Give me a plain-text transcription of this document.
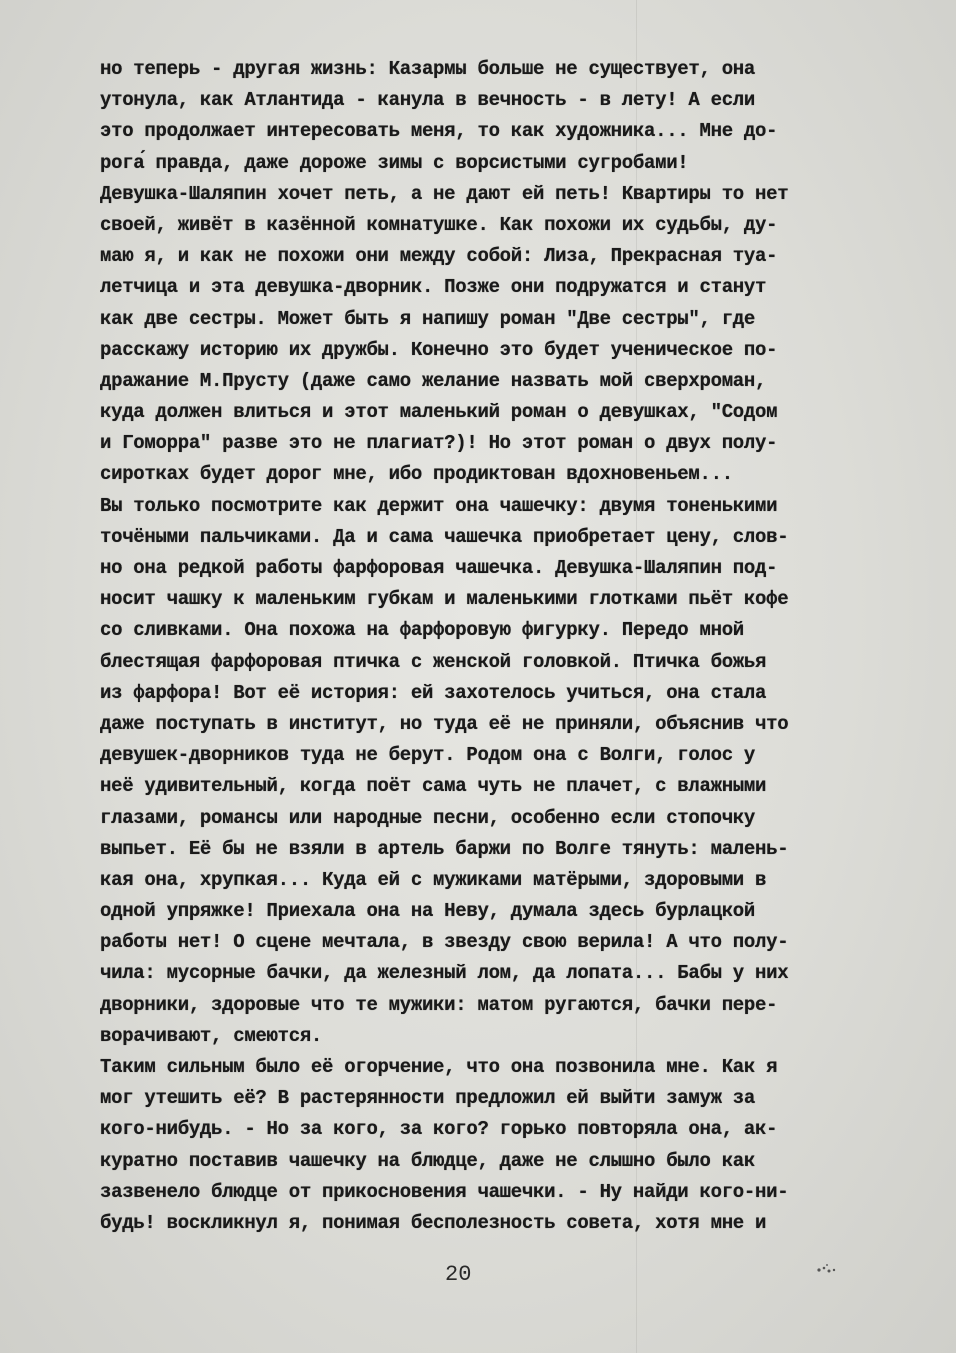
но теперь - другая жизнь: Казармы больше не существует, она
утонула, как Атлантида - канула в вечность - в лету! А если
это продолжает интересовать меня, то как художника... Мне до-
рога́ правда, даже дороже зимы с ворсистыми сугробами!
Девушка-Шаляпин хочет петь, а не дают ей петь! Квартиры то нет
своей, живёт в казённой комнатушке. Как похожи их судьбы, ду-
маю я, и как не похожи они между собой: Лиза, Прекрасная туа-
летчица и эта девушка-дворник. Позже они подружатся и станут
как две сестры. Может быть я напишу роман "Две сестры", где
расскажу историю их дружбы. Конечно это будет ученическое по-
дражание М.Прусту (даже само желание назвать мой сверхроман,
куда должен влиться и этот маленький роман о девушках, "Содом
и Гоморра" разве это не плагиат?)! Но этот роман о двух полу-
сиротках будет дорог мне, ибо продиктован вдохновеньем...
Вы только посмотрите как держит она чашечку: двумя тоненькими
точёными пальчиками. Да и сама чашечка приобретает цену, слов-
но она редкой работы фарфоровая чашечка. Девушка-Шаляпин под-
носит чашку к маленьким губкам и маленькими глотками пьёт кофе
со сливками. Она похожа на фарфоровую фигурку. Передо мной
блестящая фарфоровая птичка с женской головкой. Птичка божья
из фарфора! Вот её история: ей захотелось учиться, она стала
даже поступать в институт, но туда её не приняли, объяснив что
девушек-дворников туда не берут. Родом она с Волги, голос у
неё удивительный, когда поёт сама чуть не плачет, с влажными
глазами, романсы или народные песни, особенно если стопочку
выпьет. Её бы не взяли в артель баржи по Волге тянуть: малень-
кая она, хрупкая... Куда ей с мужиками матёрыми, здоровыми в
одной упряжке! Приехала она на Неву, думала здесь бурлацкой
работы нет! О сцене мечтала, в звезду свою верила! А что полу-
чила: мусорные бачки, да железный лом, да лопата... Бабы у них
дворники, здоровые что те мужики: матом ругаются, бачки пере-
ворачивают, смеются.
Таким сильным было её огорчение, что она позвонила мне. Как я
мог утешить её? В растерянности предложил ей выйти замуж за
кого-нибудь. - Но за кого, за кого? горько повторяла она, ак-
куратно поставив чашечку на блюдце, даже не слышно было как
зазвенело блюдце от прикосновения чашечки. - Ну найди кого-ни-
будь! воскликнул я, понимая бесполезность совета, хотя мне и
20
